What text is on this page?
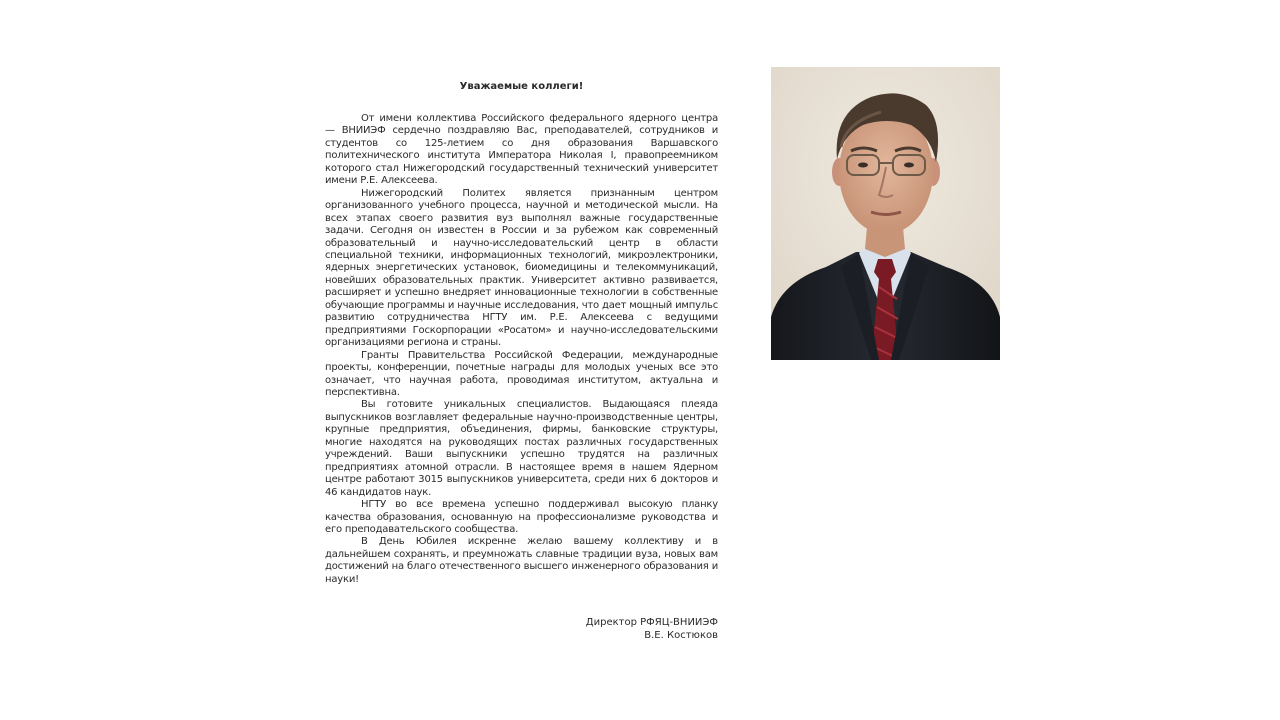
Уважаемые коллеги!

От имени коллектива Российского федерального ядерного центра — ВНИИЭФ сердечно поздравляю Вас, преподавателей, сотрудников и студентов со 125-летием со дня образования Варшавского политехнического института Императора Николая I, правопреемником которого стал Нижегородский государственный технический университет имени Р.Е. Алексеева.

Нижегородский Политех является признанным центром организованного учебного процесса, научной и методической мысли. На всех этапах своего развития вуз выполнял важные государственные задачи. Сегодня он известен в России и за рубежом как современный образовательный и научно-исследовательский центр в области специальной техники, информационных технологий, микроэлектроники, ядерных энергетических установок, биомедицины и телекоммуникаций, новейших образовательных практик. Университет активно развивается, расширяет и успешно внедряет инновационные технологии в собственные обучающие программы и научные исследования, что дает мощный импульс развитию сотрудничества НГТУ им. Р.Е. Алексеева с ведущими предприятиями Госкорпорации «Росатом» и научно-исследовательскими организациями региона и страны.

Гранты Правительства Российской Федерации, международные проекты, конференции, почетные награды для молодых ученых все это означает, что научная работа, проводимая институтом, актуальна и перспективна.

Вы готовите уникальных специалистов. Выдающаяся плеяда выпускников возглавляет федеральные научно-производственные центры, крупные предприятия, объединения, фирмы, банковские структуры, многие находятся на руководящих постах различных государственных учреждений. Ваши выпускники успешно трудятся на различных предприятиях атомной отрасли. В настоящее время в нашем Ядерном центре работают 3015 выпускников университета, среди них 6 докторов и 46 кандидатов наук.

НГТУ во все времена успешно поддерживал высокую планку качества образования, основанную на профессионализме руководства и его преподавательского сообщества.

В День Юбилея искренне желаю вашему коллективу и в дальнейшем сохранять, и преумножать славные традиции вуза, новых вам достижений на благо отечественного высшего инженерного образования и науки!

Директор РФЯЦ-ВНИИЭФ
В.Е. Костюков
